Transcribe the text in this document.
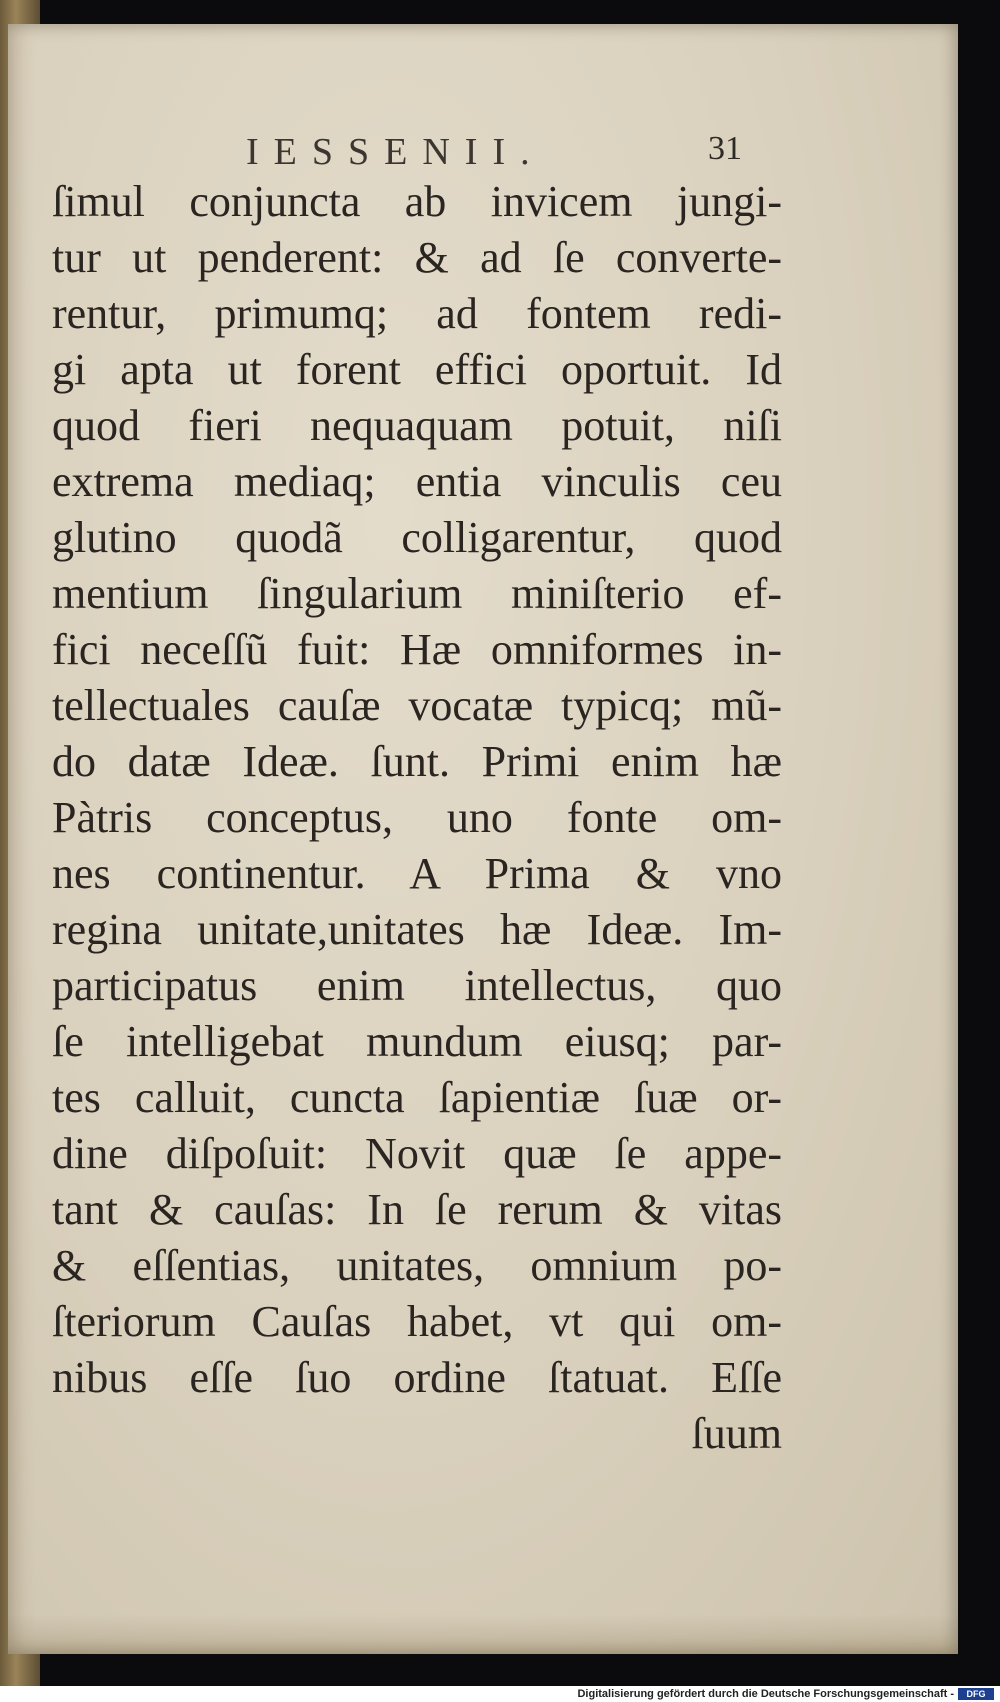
IESSENII.	31
ſimul conjuncta ab invicem jungi-
tur ut penderent: & ad ſe converte-
rentur, primumq; ad fontem redi-
gi apta ut forent effici oportuit. Id
quod fieri nequaquam potuit, niſi
extrema mediaq; entia vinculis ceu
glutino quodã colligarentur, quod
mentium ſingularium miniſterio ef-
fici neceſſũ fuit: Hæ omniformes in-
tellectuales cauſæ vocatæ typicq; mũ-
do datæ Ideæ. ſunt. Primi enim hæ
Pàtris conceptus, uno fonte om-
nes continentur. A Prima & vno
regina unitate,unitates hæ Ideæ. Im-
participatus enim intellectus, quo
ſe intelligebat mundum eiusq; par-
tes calluit, cuncta ſapientiæ ſuæ or-
dine diſpoſuit: Novit quæ ſe appe-
tant & cauſas: In ſe rerum & vitas
& eſſentias, unitates, omnium po-
ſteriorum Cauſas habet, vt qui om-
nibus eſſe ſuo ordine ſtatuat. Eſſe
ſuum
Digitalisierung gefördert durch die Deutsche Forschungsgemeinschaft -	DFG
